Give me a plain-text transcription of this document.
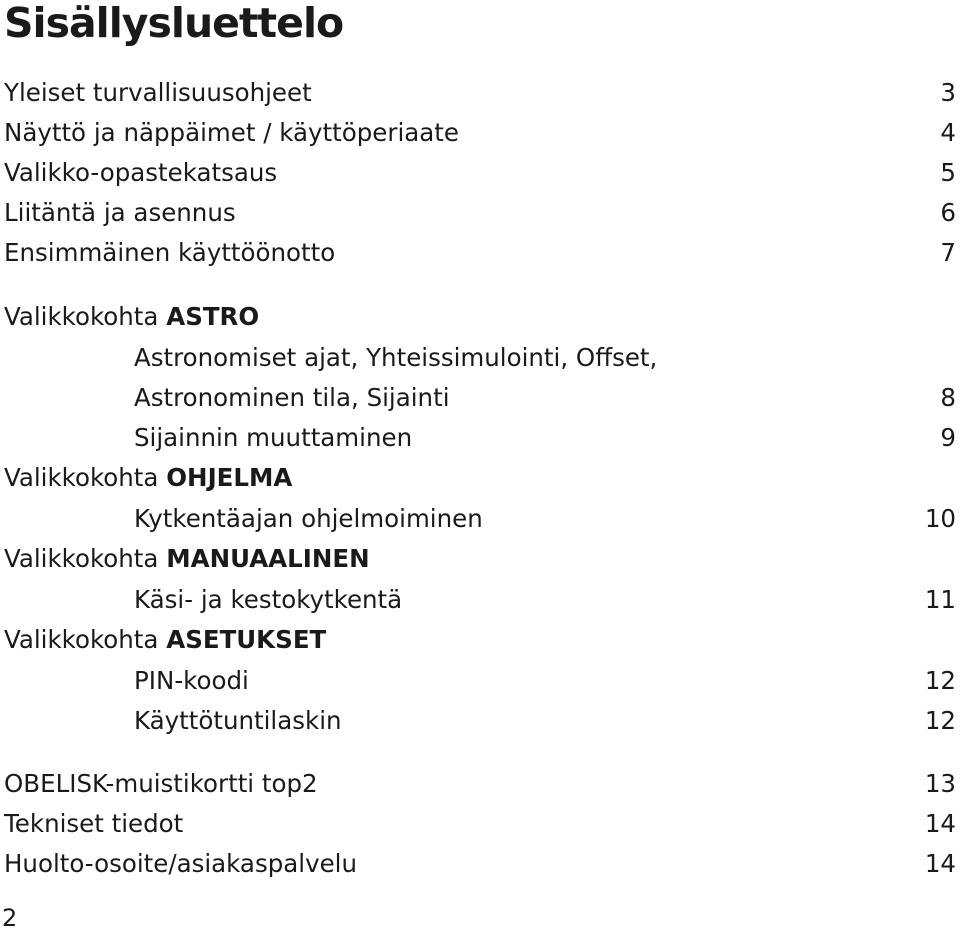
Sisällysluettelo
Yleiset turvallisuusohjeet	3
Näyttö ja näppäimet / käyttöperiaate	4
Valikko-opastekatsaus	5
Liitäntä ja asennus	6
Ensimmäinen käyttöönotto	7
Valikkokohta ASTRO
Astronomiset ajat, Yhteissimulointi, Offset,
Astronominen tila, Sijainti	8
Sijainnin muuttaminen	9
Valikkokohta OHJELMA
Kytkentäajan ohjelmoiminen	10
Valikkokohta MANUAALINEN
Käsi- ja kestokytkentä	11
Valikkokohta ASETUKSET
PIN-koodi	12
Käyttötuntilaskin	12
OBELISK-muistikortti top2	13
Tekniset tiedot	14
Huolto-osoite/asiakaspalvelu	14
2
